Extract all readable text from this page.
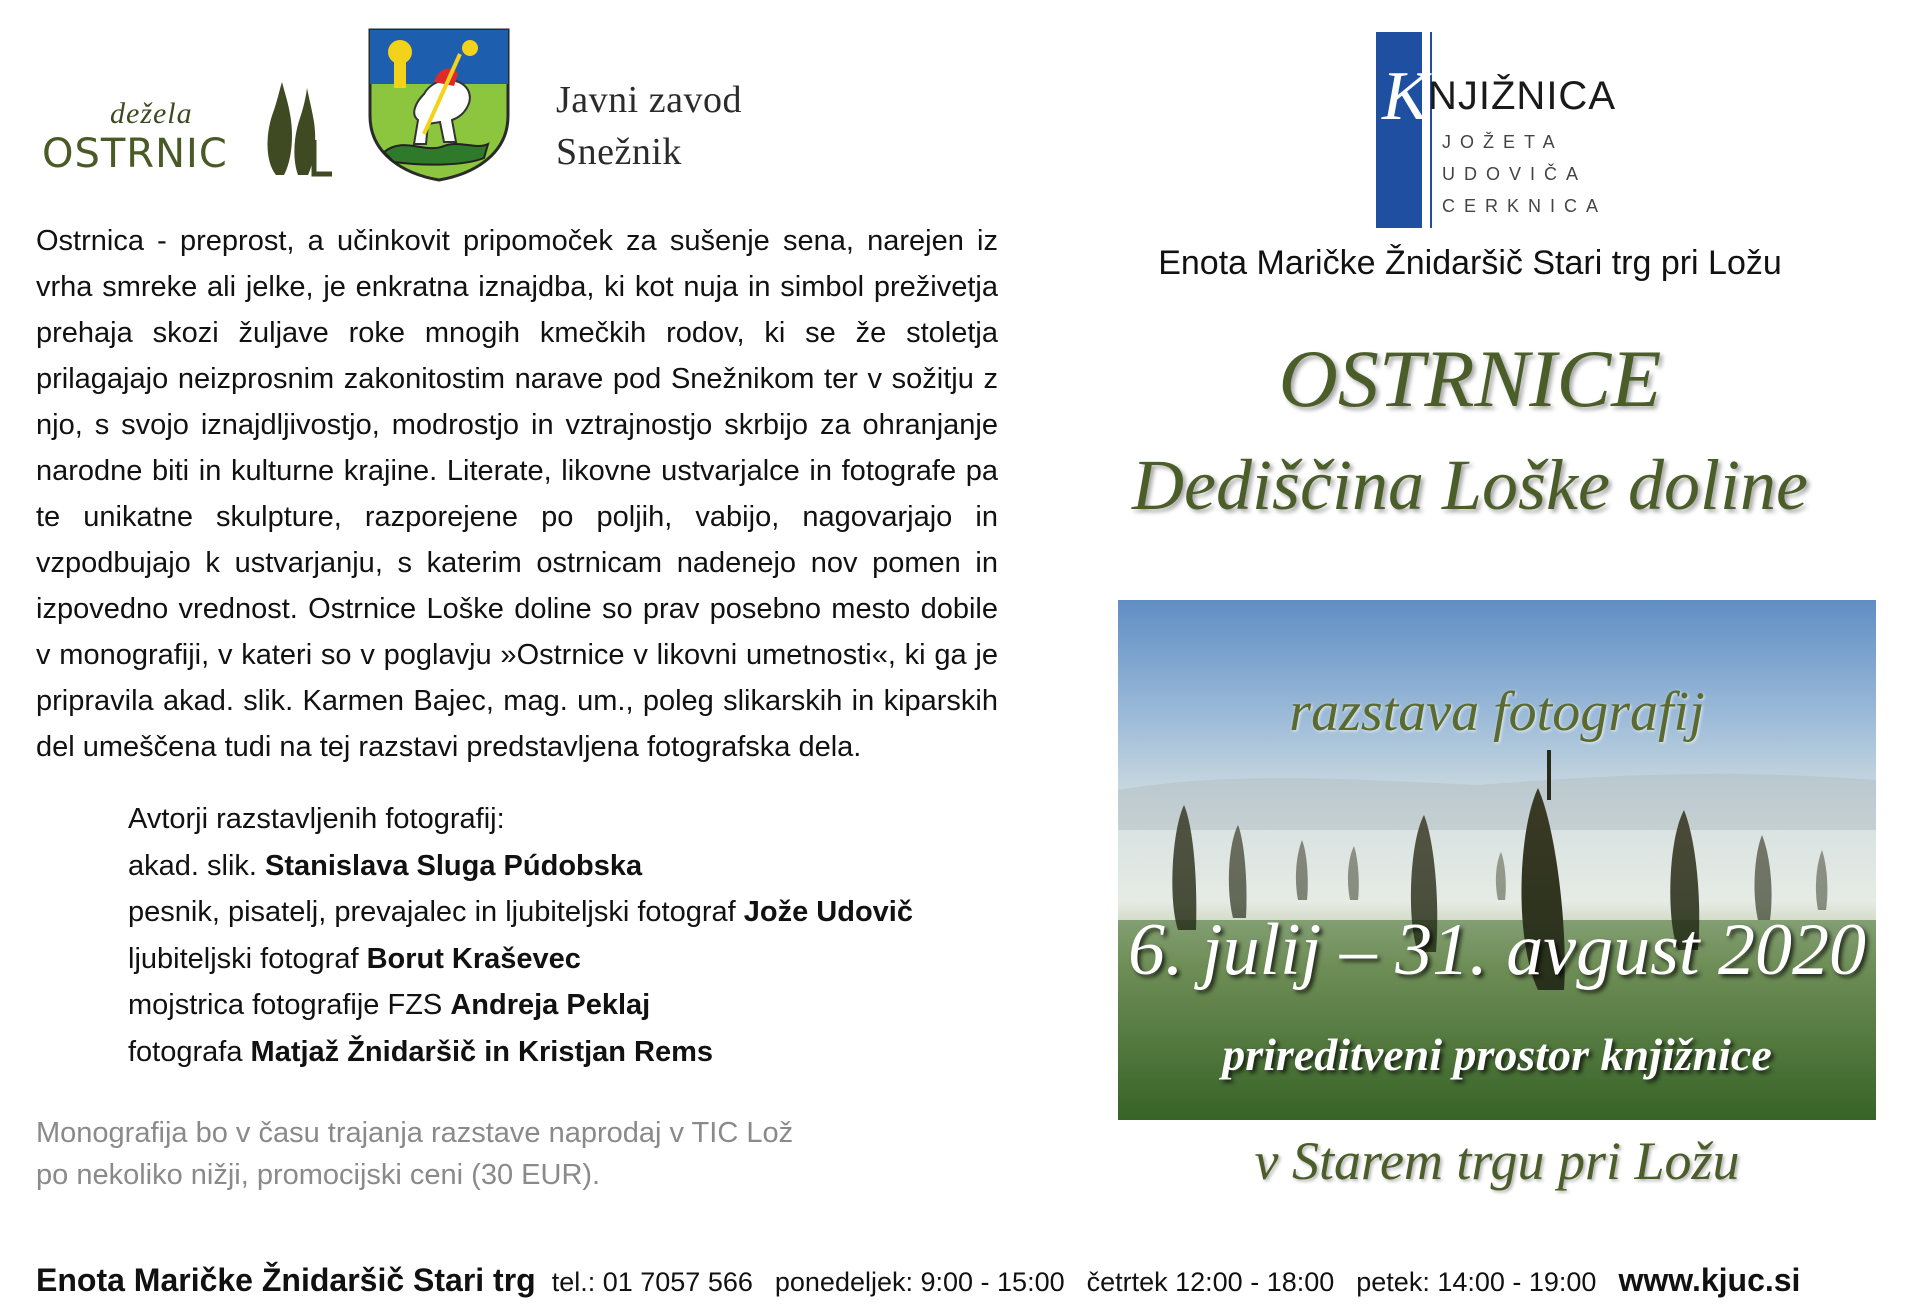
dežela
OSTRNIC
Javni zavod
Snežnik
K NJIŽNICA
JOŽETA
UDOVIČA
CERKNICA
Enota Maričke Žnidaršič Stari trg pri Ložu
OSTRNICE
Dediščina Loške doline
razstava fotografij
6. julij – 31. avgust 2020
prireditveni prostor knjižnice
v Starem trgu pri Ložu

Ostrnica - preprost, a učinkovit pripomoček za sušenje sena, narejen iz vrha smreke ali jelke, je enkratna iznajdba, ki kot nuja in simbol preživetja prehaja skozi žuljave roke mnogih kmečkih rodov, ki se že stoletja prilagajajo neizprosnim zakonitostim narave pod Snežnikom ter v sožitju z njo, s svojo iznajdljivostjo, modrostjo in vztrajnostjo skrbijo za ohranjanje narodne biti in kulturne krajine. Literate, likovne ustvarjalce in fotografe pa te unikatne skulpture, razporejene po poljih, vabijo, nagovarjajo in vzpodbujajo k ustvarjanju, s katerim ostrnicam nadenejo nov pomen in izpovedno vrednost. Ostrnice Loške doline so prav posebno mesto dobile v monografiji, v kateri so v poglavju »Ostrnice v likovni umetnosti«, ki ga je pripravila akad. slik. Karmen Bajec, mag. um., poleg slikarskih in kiparskih del umeščena tudi na tej razstavi predstavljena fotografska dela.

Avtorji razstavljenih fotografij:
akad. slik. Stanislava Sluga Púdobska
pesnik, pisatelj, prevajalec in ljubiteljski fotograf Jože Udovič
ljubiteljski fotograf Borut Kraševec
mojstrica fotografije FZS Andreja Peklaj
fotografa Matjaž Žnidaršič in Kristjan Rems
Monografija bo v času trajanja razstave naprodaj v TIC Lož
po nekoliko nižji, promocijski ceni (30 EUR).
Enota Maričke Žnidaršič Stari trg tel.: 01 7057 566 ponedeljek: 9:00 - 15:00 četrtek 12:00 - 18:00 petek: 14:00 - 19:00 www.kjuc.si
